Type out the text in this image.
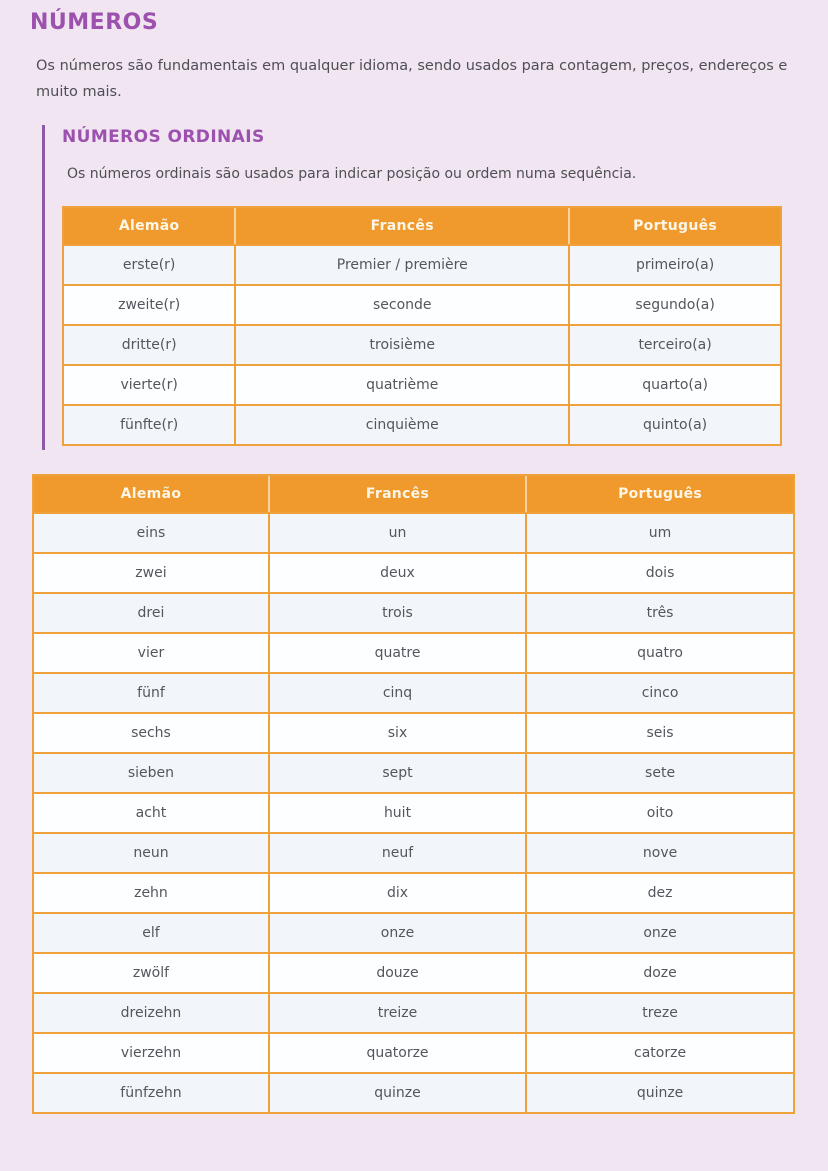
NÚMEROS

Os números são fundamentais em qualquer idioma, sendo usados para contagem, preços, endereços e muito mais.

NÚMEROS ORDINAIS

Os números ordinais são usados para indicar posição ou ordem numa sequência.

Alemão	Francês	Português
erste(r)	Premier / première	primeiro(a)
zweite(r)	seconde	segundo(a)
dritte(r)	troisième	terceiro(a)
vierte(r)	quatrième	quarto(a)
fünfte(r)	cinquième	quinto(a)
Alemão	Francês	Português
eins	un	um
zwei	deux	dois
drei	trois	três
vier	quatre	quatro
fünf	cinq	cinco
sechs	six	seis
sieben	sept	sete
acht	huit	oito
neun	neuf	nove
zehn	dix	dez
elf	onze	onze
zwölf	douze	doze
dreizehn	treize	treze
vierzehn	quatorze	catorze
fünfzehn	quinze	quinze
